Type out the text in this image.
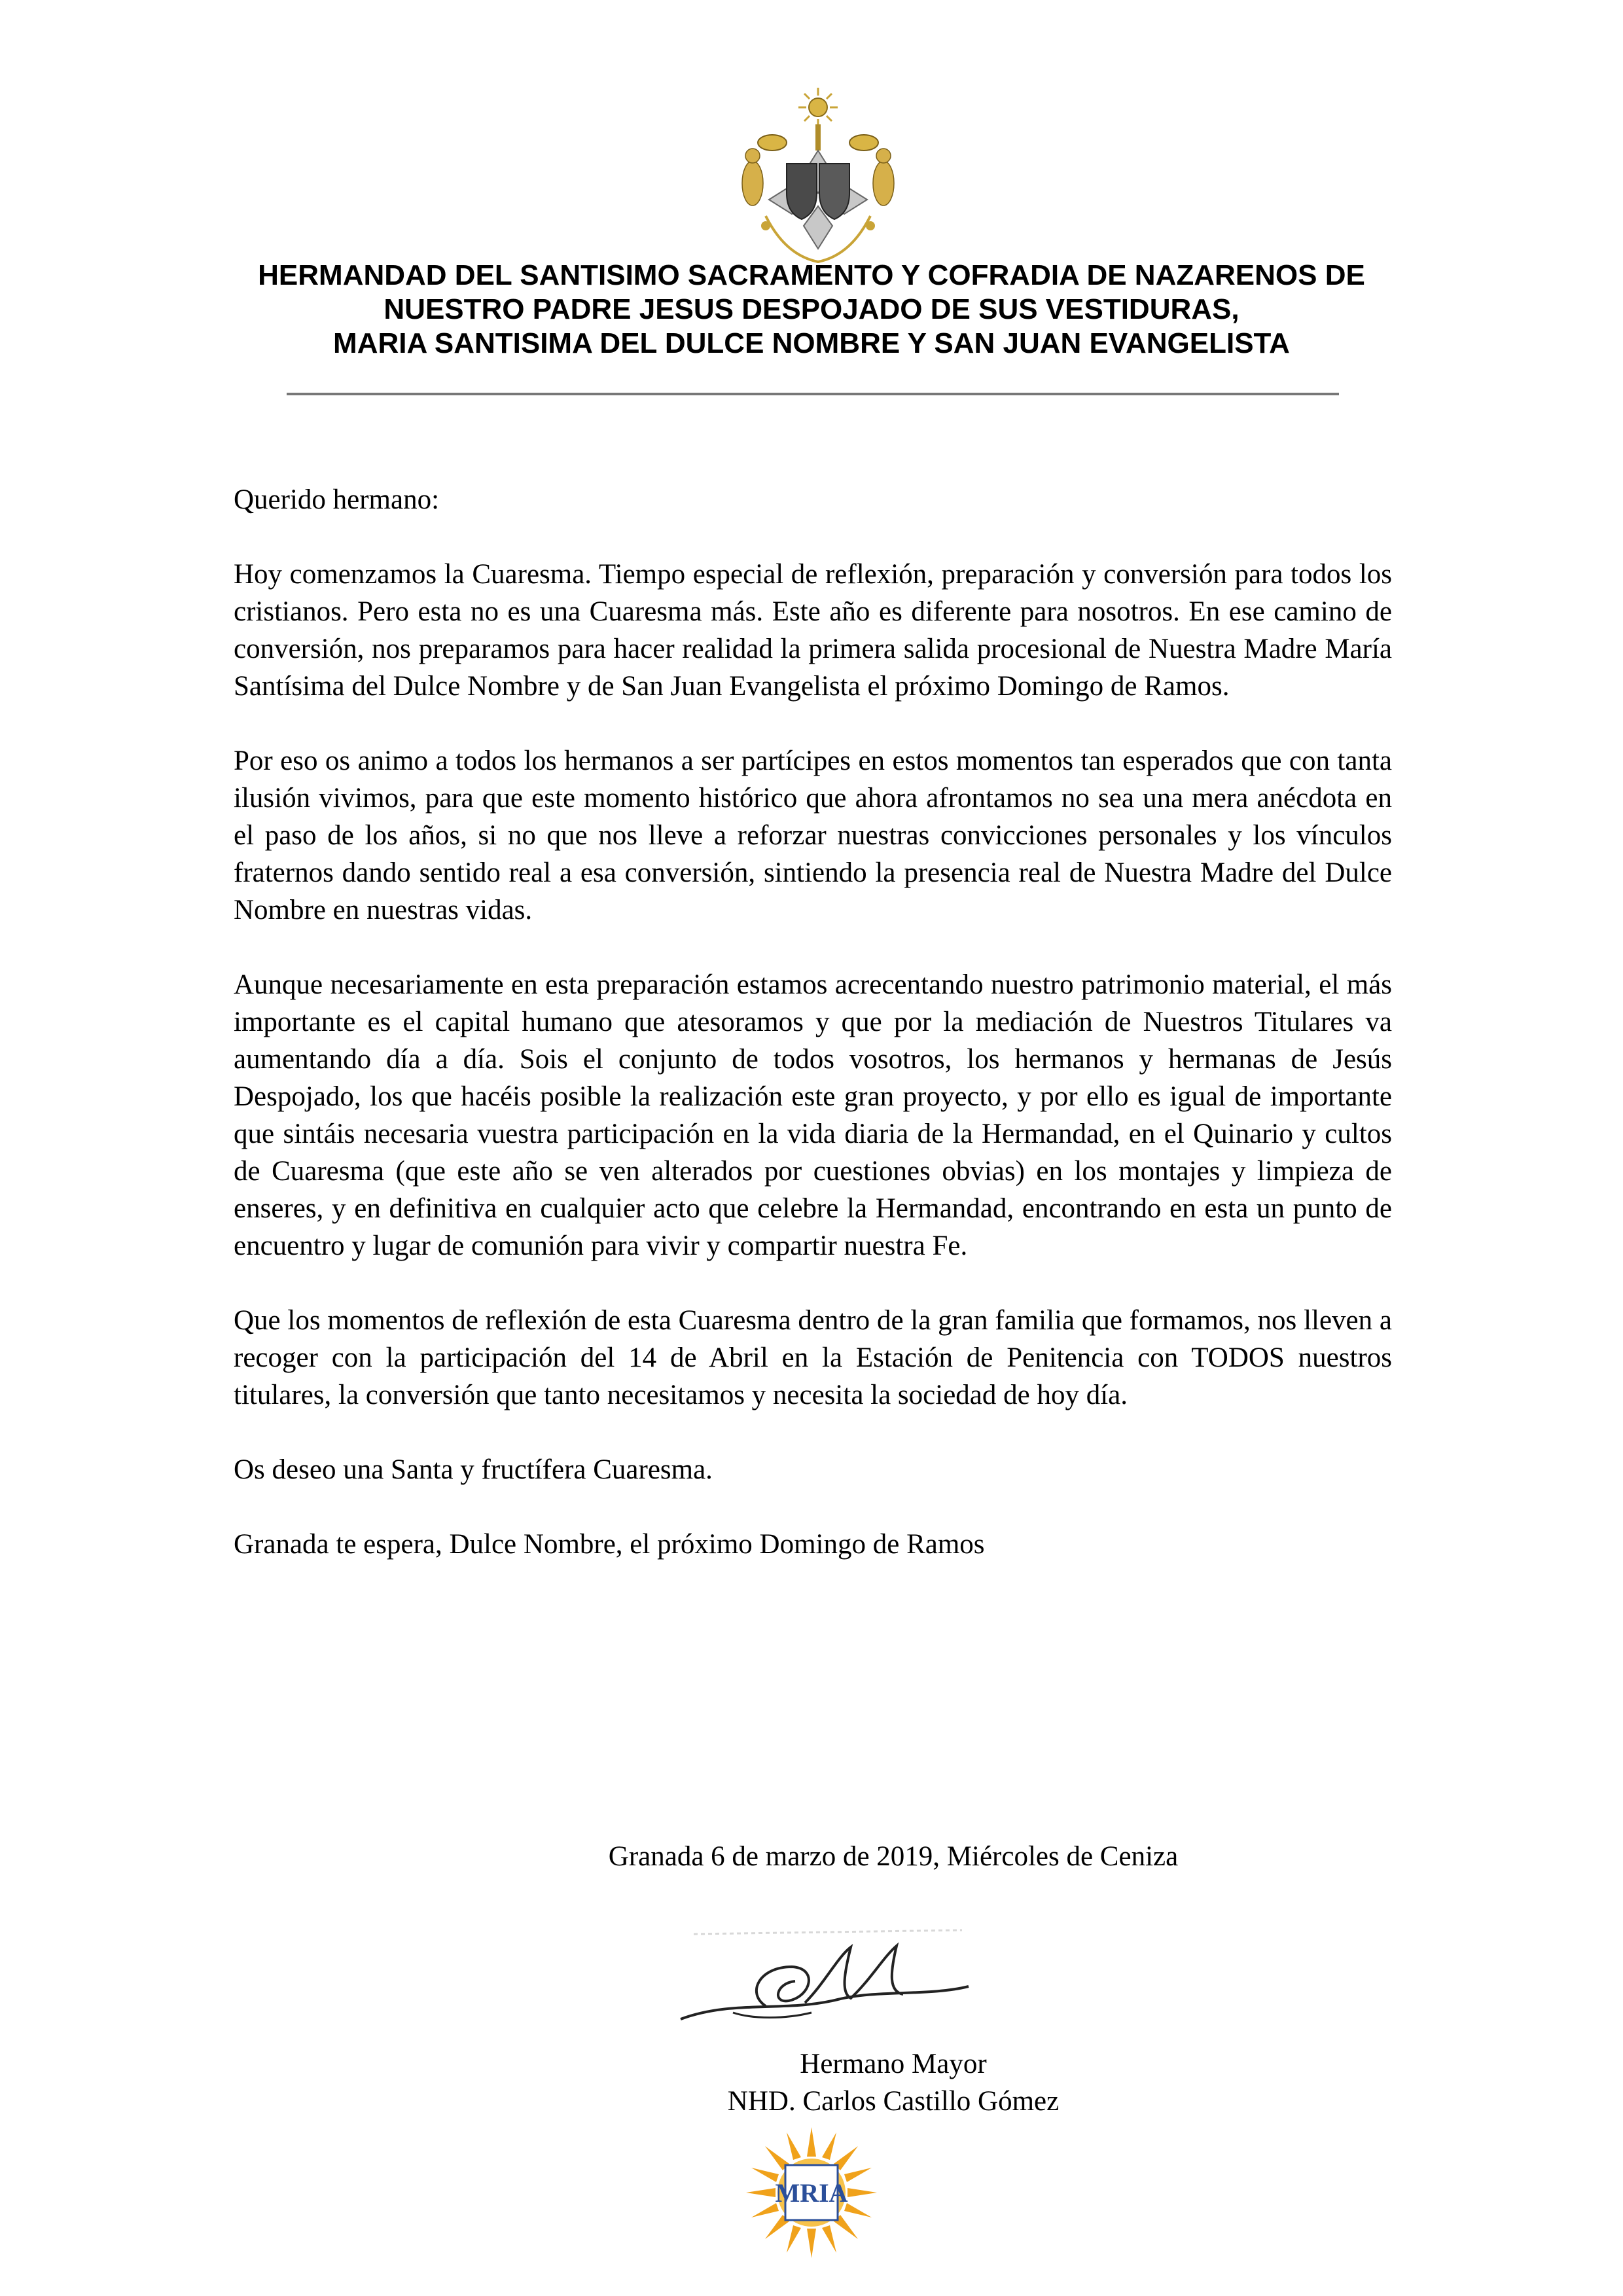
HERMANDAD DEL SANTISIMO SACRAMENTO Y COFRADIA DE NAZARENOS DE
NUESTRO PADRE JESUS DESPOJADO DE SUS VESTIDURAS,
MARIA SANTISIMA DEL DULCE NOMBRE Y SAN JUAN EVANGELISTA

Querido hermano:

Hoy comenzamos la Cuaresma. Tiempo especial de reflexión, preparación y conversión para todos los cristianos. Pero esta no es una Cuaresma más. Este año es diferente para nosotros. En ese camino de conversión, nos preparamos para hacer realidad la primera salida procesional de Nuestra Madre María Santísima del Dulce Nombre y de San Juan Evangelista el próximo Domingo de Ramos.

Por eso os animo a todos los hermanos a ser partícipes en estos momentos tan esperados que con tanta ilusión vivimos, para que este momento histórico que ahora afrontamos no sea una mera anécdota en el paso de los años, si no que nos lleve a reforzar nuestras convicciones personales y los vínculos fraternos dando sentido real a esa conversión, sintiendo la presencia real de Nuestra Madre del Dulce Nombre en nuestras vidas.

Aunque necesariamente en esta preparación estamos acrecentando nuestro patrimonio material, el más importante es el capital humano que atesoramos y que por la mediación de Nuestros Titulares va aumentando día a día. Sois el conjunto de todos vosotros, los hermanos y hermanas de Jesús Despojado, los que hacéis posible la realización este gran proyecto, y por ello es igual de importante que sintáis necesaria vuestra participación en la vida diaria de la Hermandad, en el Quinario y cultos de Cuaresma (que este año se ven alterados por cuestiones obvias) en los montajes y limpieza de enseres, y en definitiva en cualquier acto que celebre la Hermandad, encontrando en esta un punto de encuentro y lugar de comunión para vivir y compartir nuestra Fe.

Que los momentos de reflexión de esta Cuaresma dentro de la gran familia que formamos, nos lleven a recoger con la participación del 14 de Abril en la Estación de Penitencia con TODOS nuestros titulares, la conversión que tanto necesitamos y necesita la sociedad de hoy día.

Os deseo una Santa y fructífera Cuaresma.

Granada te espera, Dulce Nombre, el próximo Domingo de Ramos

Granada 6 de marzo de 2019, Miércoles de Ceniza
Hermano Mayor
NHD. Carlos Castillo Gómez
MRIA
